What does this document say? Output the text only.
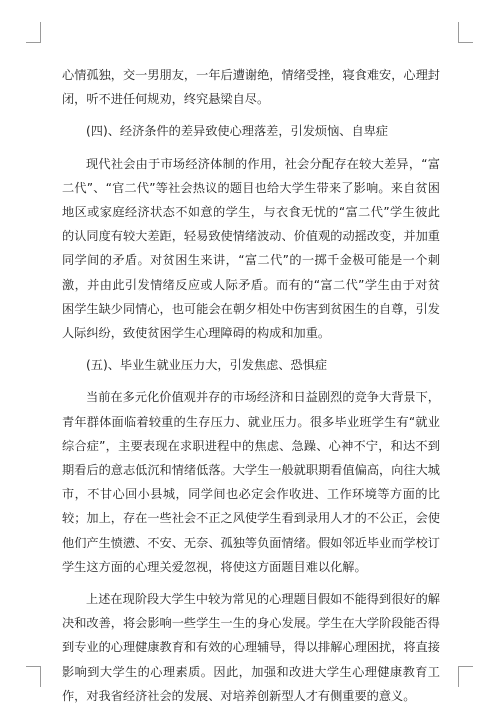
心情孤独，交一男朋友，一年后遭谢绝，情绪受挫，寝食难安，心理封闭，听不进任何规劝，终究悬梁自尽。

(四)、经济条件的差异致使心理落差，引发烦恼、自卑症

现代社会由于市场经济体制的作用，社会分配存在较大差异，“富二代”、“官二代”等社会热议的题目也给大学生带来了影响。来自贫困地区或家庭经济状态不如意的学生，与衣食无忧的“富二代”学生彼此的认同度有较大差距，轻易致使情绪波动、价值观的动摇改变，并加重同学间的矛盾。对贫困生来讲，“富二代”的一掷千金极可能是一个刺激，并由此引发情绪反应或人际矛盾。而有的“富二代”学生由于对贫困学生缺少同情心，也可能会在朝夕相处中伤害到贫困生的自尊，引发人际纠纷，致使贫困学生心理障碍的构成和加重。

(五)、毕业生就业压力大，引发焦虑、恐惧症

当前在多元化价值观并存的市场经济和日益剧烈的竞争大背景下，青年群体面临着较重的生存压力、就业压力。很多毕业班学生有“就业综合症”，主要表现在求职进程中的焦虑、急躁、心神不宁，和达不到期看后的意志低沉和情绪低落。大学生一般就职期看值偏高，向往大城市，不甘心回小县城，同学间也必定会作收进、工作环境等方面的比较；加上，存在一些社会不正之风使学生看到录用人才的不公正，会使他们产生愤懑、不安、无奈、孤独等负面情绪。假如邻近毕业而学校订学生这方面的心理关爱忽视，将使这方面题目难以化解。

上述在现阶段大学生中较为常见的心理题目假如不能得到很好的解决和改善，将会影响一些学生一生的身心发展。学生在大学阶段能否得到专业的心理健康教育和有效的心理辅导，得以排解心理困扰，将直接影响到大学生的心理素质。因此，加强和改进大学生心理健康教育工作，对我省经济社会的发展、对培养创新型人才有侧重要的意义。
